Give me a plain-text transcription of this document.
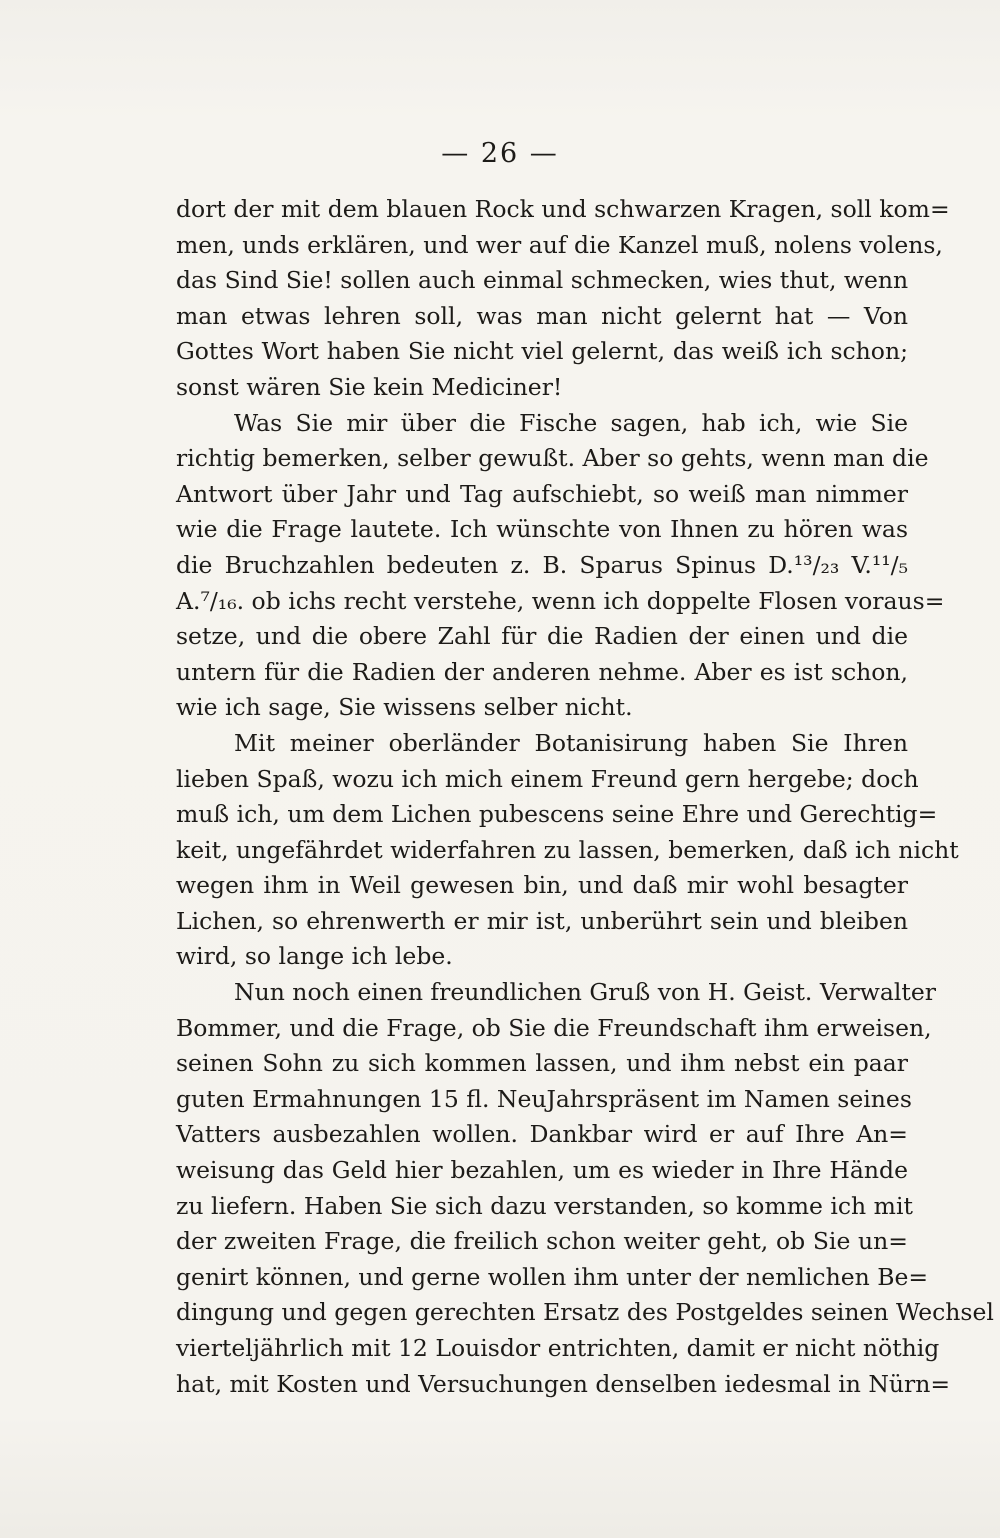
— 26 —
dort der mit dem blauen Rock und schwarzen Kragen, soll kom=
men, unds erklären, und wer auf die Kanzel muß, nolens volens,
das Sind Sie! sollen auch einmal schmecken, wies thut, wenn
man etwas lehren soll, was man nicht gelernt hat — Von
Gottes Wort haben Sie nicht viel gelernt, das weiß ich schon;
sonst wären Sie kein Mediciner!
Was Sie mir über die Fische sagen, hab ich, wie Sie
richtig bemerken, selber gewußt. Aber so gehts, wenn man die
Antwort über Jahr und Tag aufschiebt, so weiß man nimmer
wie die Frage lautete. Ich wünschte von Ihnen zu hören was
die Bruchzahlen bedeuten z. B. Sparus Spinus D.¹³/₂₃ V.¹¹/₅
A.⁷/₁₆. ob ichs recht verstehe, wenn ich doppelte Flosen voraus=
setze, und die obere Zahl für die Radien der einen und die
untern für die Radien der anderen nehme. Aber es ist schon,
wie ich sage, Sie wissens selber nicht.
Mit meiner oberländer Botanisirung haben Sie Ihren
lieben Spaß, wozu ich mich einem Freund gern hergebe; doch
muß ich, um dem Lichen pubescens seine Ehre und Gerechtig=
keit, ungefährdet widerfahren zu lassen, bemerken, daß ich nicht
wegen ihm in Weil gewesen bin, und daß mir wohl besagter
Lichen, so ehrenwerth er mir ist, unberührt sein und bleiben
wird, so lange ich lebe.
Nun noch einen freundlichen Gruß von H. Geist. Verwalter
Bommer, und die Frage, ob Sie die Freundschaft ihm erweisen,
seinen Sohn zu sich kommen lassen, und ihm nebst ein paar
guten Ermahnungen 15 fl. NeuJahrspräsent im Namen seines
Vatters ausbezahlen wollen. Dankbar wird er auf Ihre An=
weisung das Geld hier bezahlen, um es wieder in Ihre Hände
zu liefern. Haben Sie sich dazu verstanden, so komme ich mit
der zweiten Frage, die freilich schon weiter geht, ob Sie un=
genirt können, und gerne wollen ihm unter der nemlichen Be=
dingung und gegen gerechten Ersatz des Postgeldes seinen Wechsel
vierteljährlich mit 12 Louisdor entrichten, damit er nicht nöthig
hat, mit Kosten und Versuchungen denselben iedesmal in Nürn=
